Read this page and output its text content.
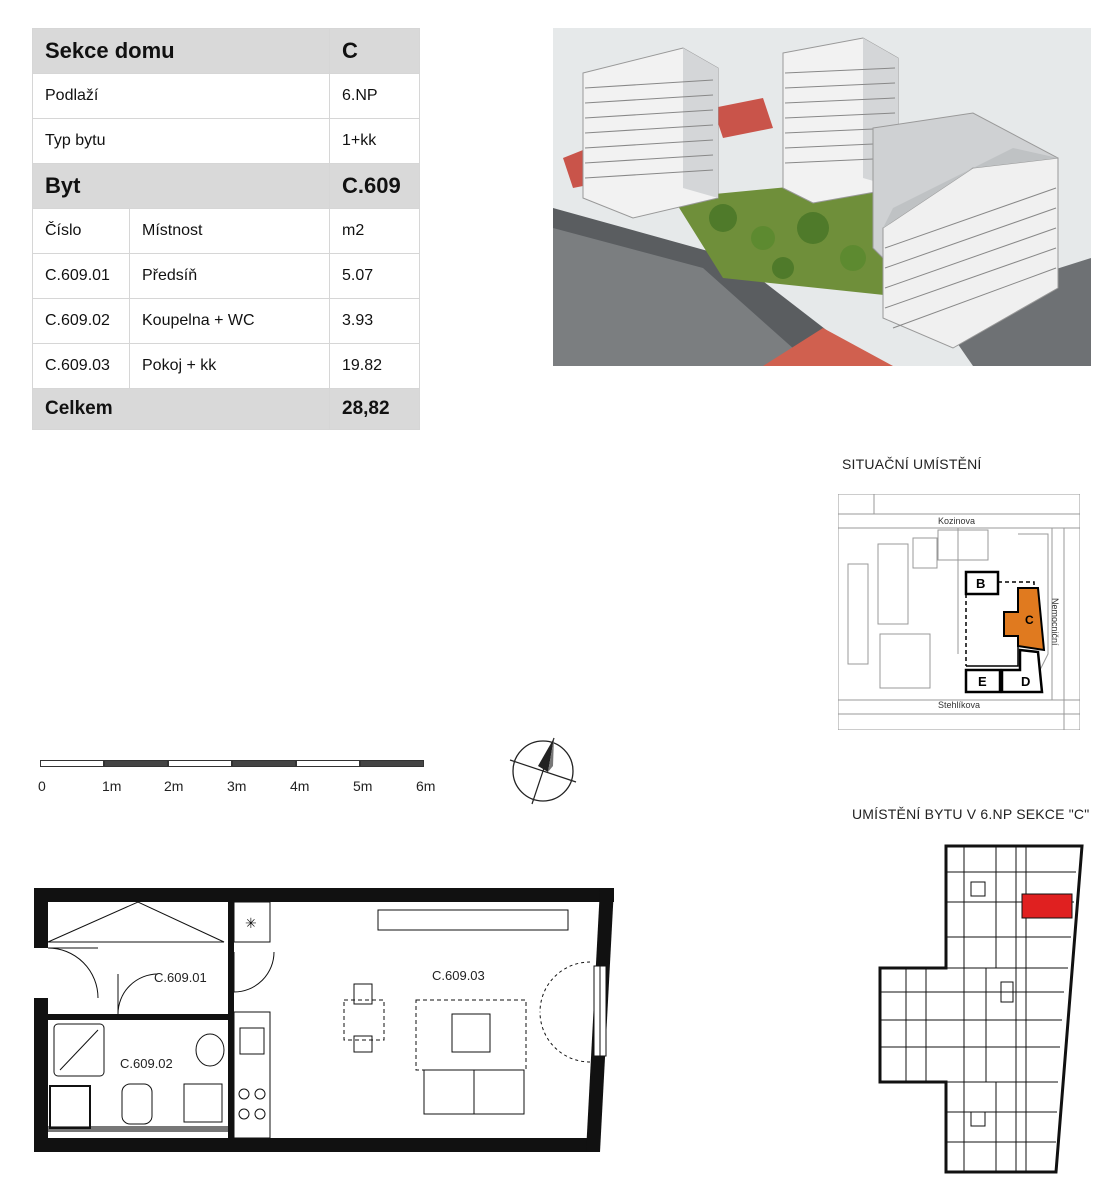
Sekce domu		C
Podlaží		6.NP
Typ bytu		1+kk
Byt		C.609
Číslo	Místnost	m2
C.609.01	Předsíň	5.07
C.609.02	Koupelna + WC	3.93
C.609.03	Pokoj + kk	19.82
Celkem		28,82
SITUAČNÍ UMÍSTĚNÍ
Kozinova
Stehlíkova
Nemocniční
B
C
E	D
0	1m	2m	3m	4m	5m	6m
UMÍSTĚNÍ BYTU V 6.NP SEKCE "C"
✳
C.609.01
C.609.02
C.609.03
